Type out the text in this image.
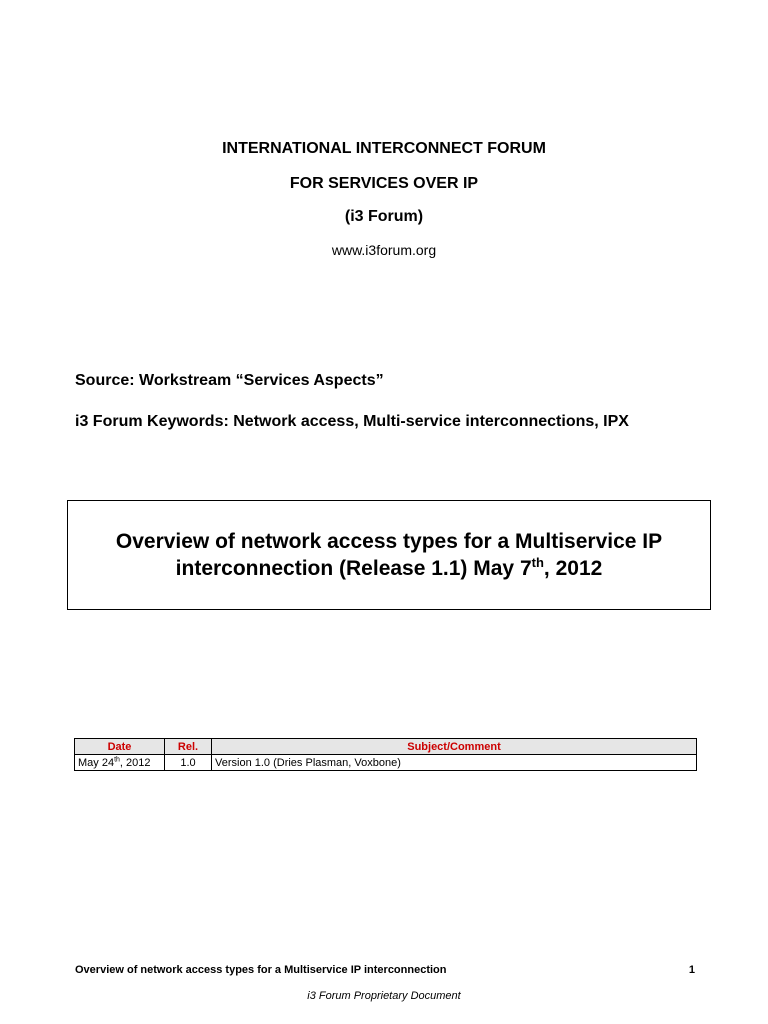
INTERNATIONAL INTERCONNECT FORUM
FOR SERVICES OVER IP
(i3 Forum)
www.i3forum.org
Source: Workstream “Services Aspects”
i3 Forum Keywords: Network access, Multi-service interconnections, IPX
Overview of network access types for a Multiservice IP interconnection (Release 1.1) May 7th, 2012
Date	Rel.	Subject/Comment
May 24th, 2012	1.0	Version 1.0 (Dries Plasman, Voxbone)
Overview of network access types for a Multiservice IP interconnection	1
i3 Forum Proprietary Document
